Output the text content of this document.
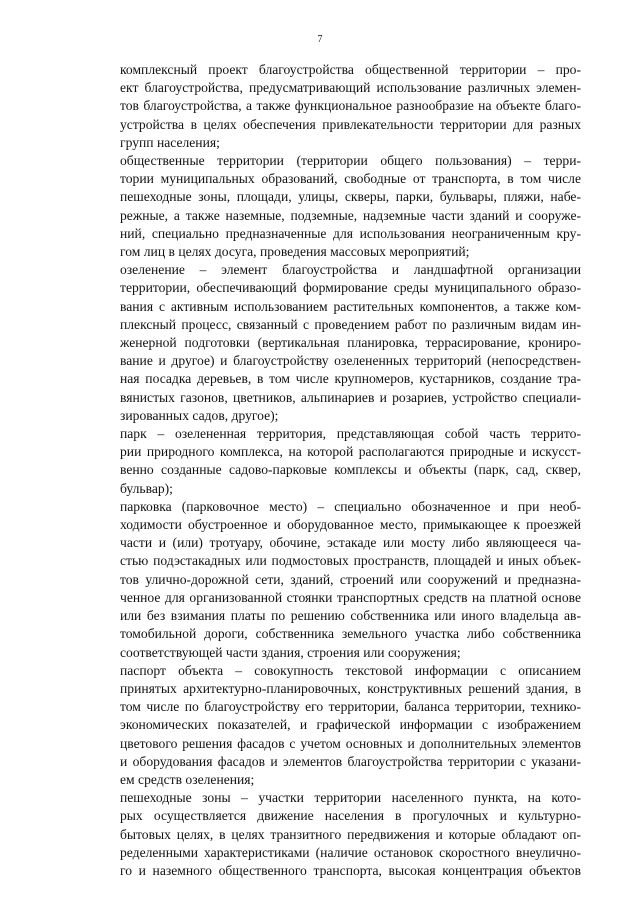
7

комплексный проект благоустройства общественной территории – про-
ект благоустройства, предусматривающий использование различных элемен-
тов благоустройства, а также функциональное разнообразие на объекте благо-
устройства в целях обеспечения привлекательности территории для разных
групп населения;

общественные территории (территории общего пользования) – терри-
тории муниципальных образований, свободные от транспорта, в том числе
пешеходные зоны, площади, улицы, скверы, парки, бульвары, пляжи, набе-
режные, а также наземные, подземные, надземные части зданий и сооруже-
ний, специально предназначенные для использования неограниченным кру-
гом лиц в целях досуга, проведения массовых мероприятий;

озеленение – элемент благоустройства и ландшафтной организации
территории, обеспечивающий формирование среды муниципального образо-
вания с активным использованием растительных компонентов, а также ком-
плексный процесс, связанный с проведением работ по различным видам ин-
женерной подготовки (вертикальная планировка, террасирование, кронирo-
вание и другое) и благоустройству озелененных территорий (непосредствен-
ная посадка деревьев, в том числе крупномеров, кустарников, создание тра-
вянистых газонов, цветников, альпинариев и розариев, устройство специали-
зированных садов, другое);

парк – озелененная территория, представляющая собой часть террито-
рии природного комплекса, на которой располагаются природные и искусст-
венно созданные садово-парковые комплексы и объекты (парк, сад, сквер,
бульвар);

парковка (парковочное место) – специально обозначенное и при необ-
ходимости обустроенное и оборудованное место, примыкающее к проезжей
части и (или) тротуару, обочине, эстакаде или мосту либо являющееся ча-
стью подэстакадных или подмостовых пространств, площадей и иных объек-
тов улично-дорожной сети, зданий, строений или сооружений и предназна-
ченное для организованной стоянки транспортных средств на платной основе
или без взимания платы по решению собственника или иного владельца ав-
томобильной дороги, собственника земельного участка либо собственника
соответствующей части здания, строения или сооружения;

паспорт объекта – совокупность текстовой информации с описанием
принятых архитектурно-планировочных, конструктивных решений здания, в
том числе по благоустройству его территории, баланса территории, технико-
экономических показателей, и графической информации с изображением
цветового решения фасадов с учетом основных и дополнительных элементов
и оборудования фасадов и элементов благоустройства территории с указани-
ем средств озеленения;

пешеходные зоны – участки территории населенного пункта, на кото-
рых осуществляется движение населения в прогулочных и культурно-
бытовых целях, в целях транзитного передвижения и которые обладают оп-
ределенными характеристиками (наличие остановок скоростного внеулично-
го и наземного общественного транспорта, высокая концентрация объектов
